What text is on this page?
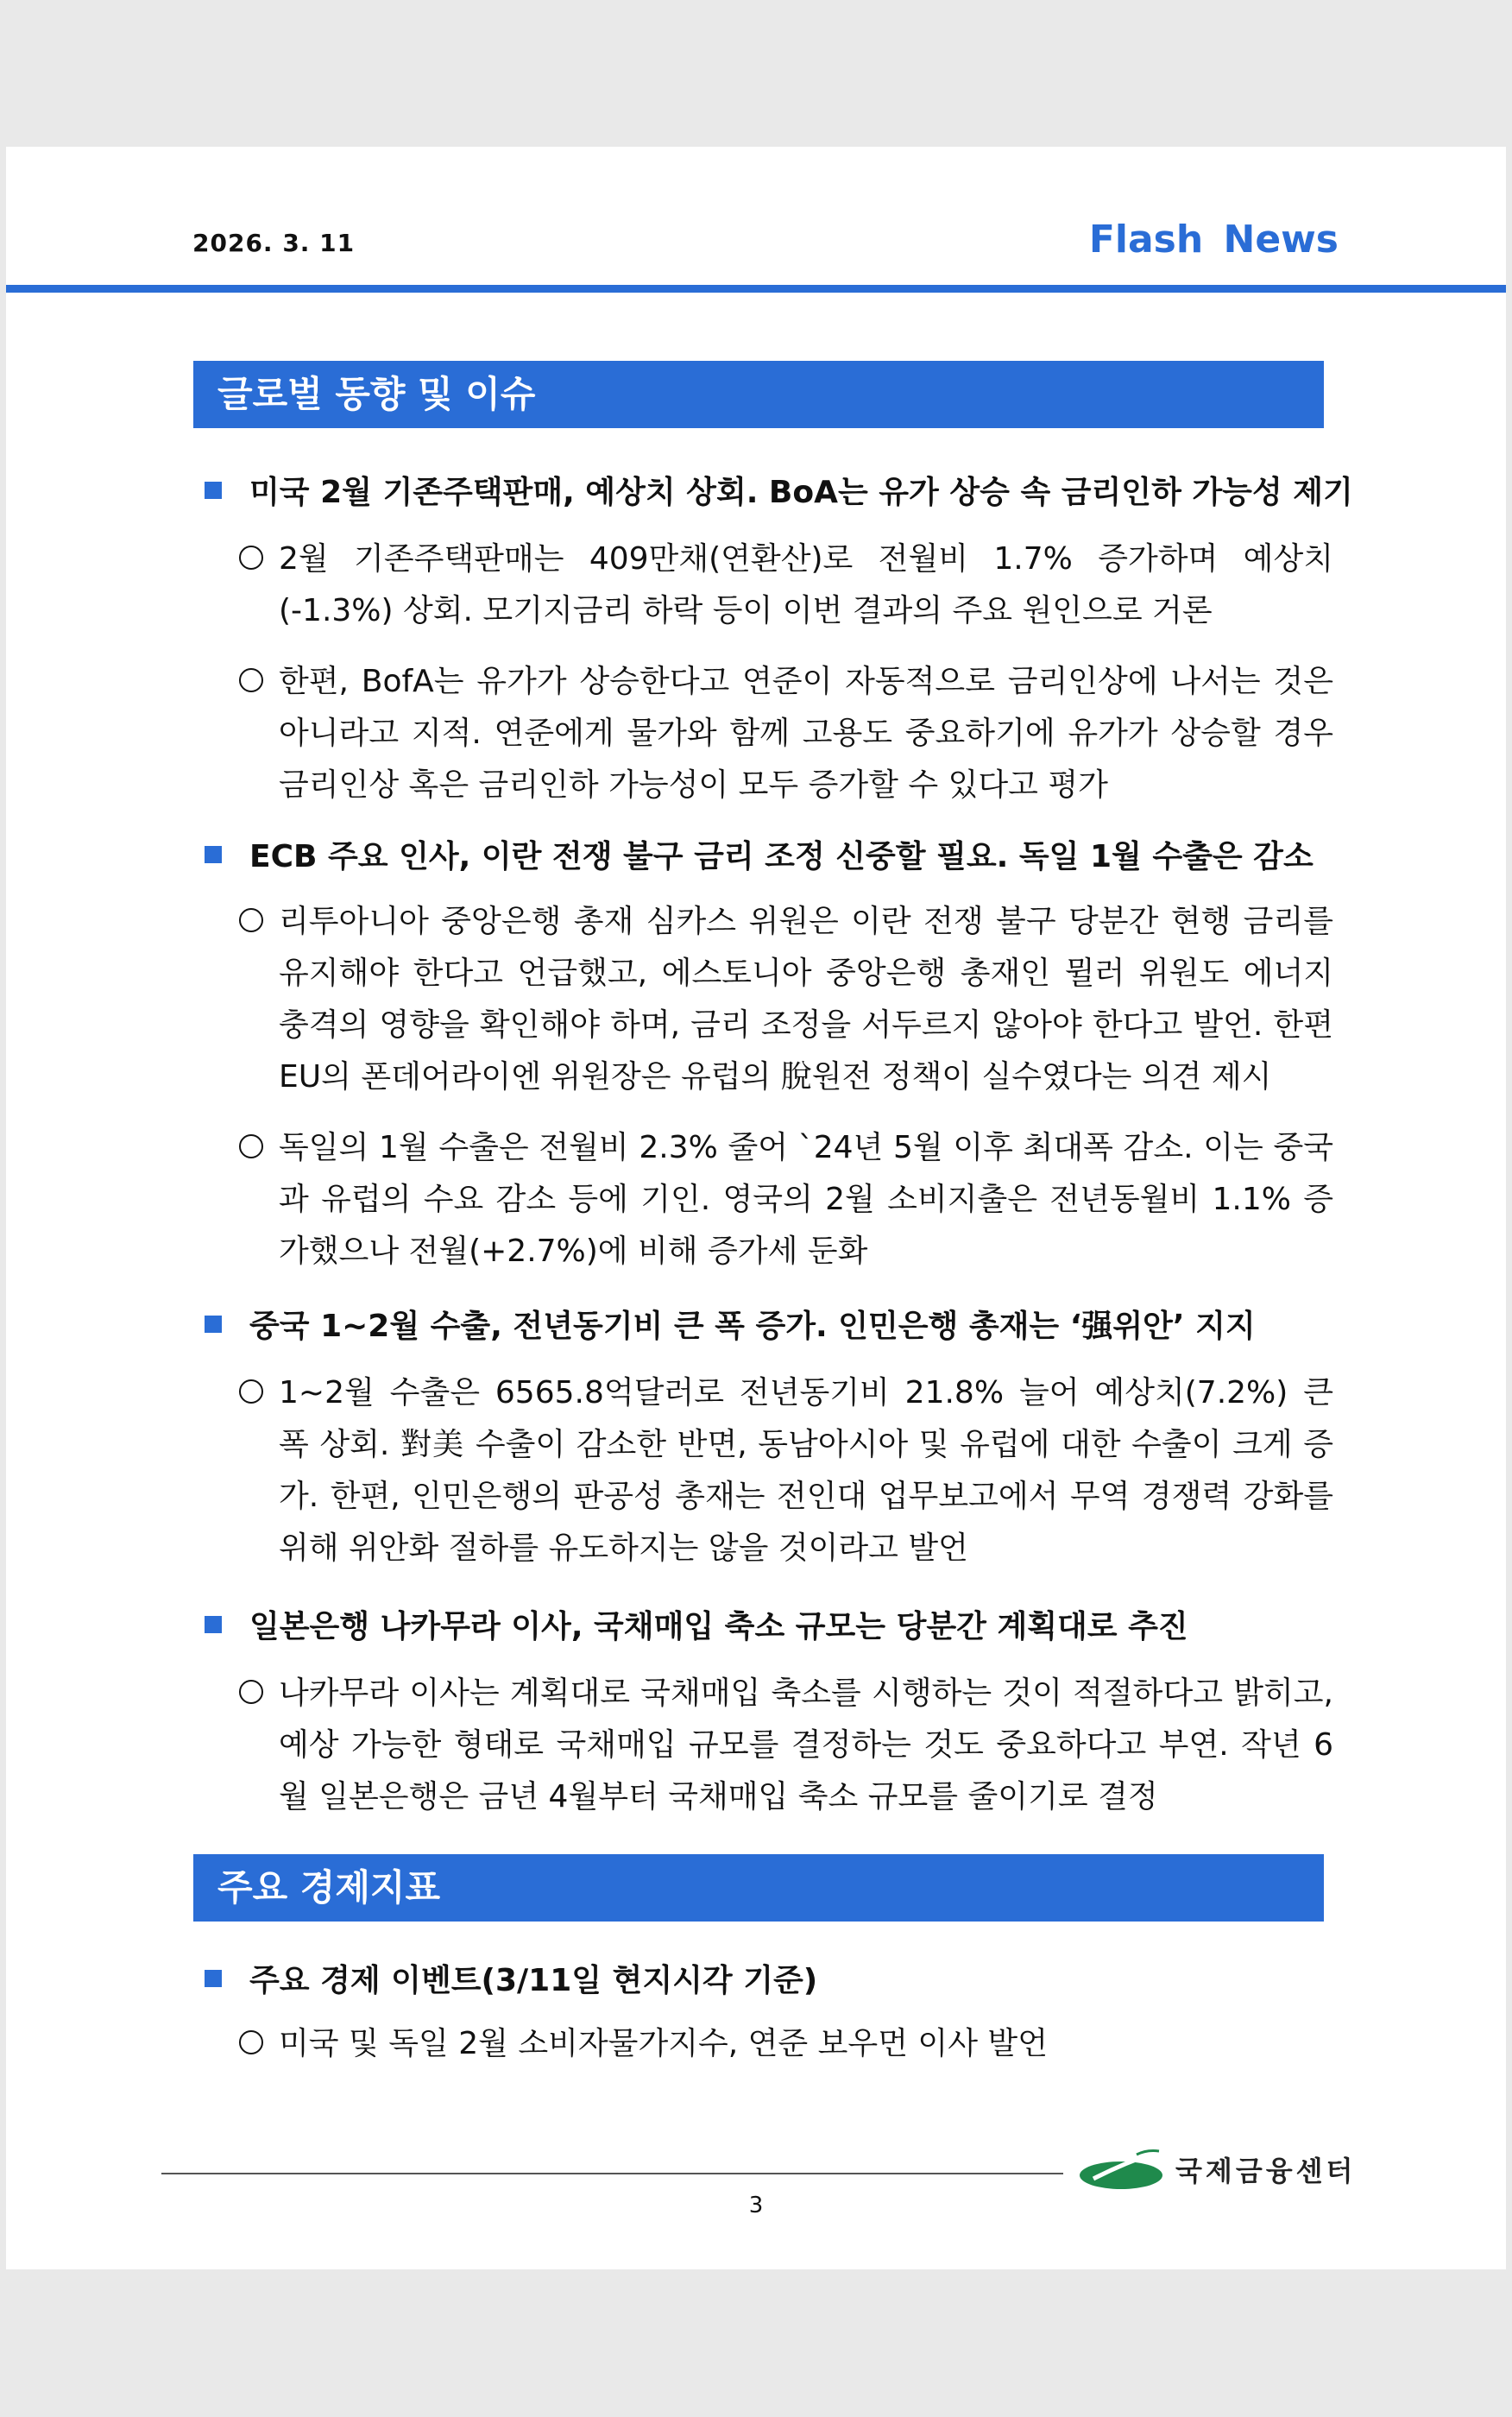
2026. 3. 11	Flash News
글로벌 동향 및 이슈
미국 2월 기존주택판매, 예상치 상회. BoA는 유가 상승 속 금리인하 가능성 제기
2월 기존주택판매는 409만채(연환산)로 전월비 1.7% 증가하며 예상치(-1.3%) 상회. 모기지금리 하락 등이 이번 결과의 주요 원인으로 거론
한편, BofA는 유가가 상승한다고 연준이 자동적으로 금리인상에 나서는 것은 아니라고 지적. 연준에게 물가와 함께 고용도 중요하기에 유가가 상승할 경우 금리인상 혹은 금리인하 가능성이 모두 증가할 수 있다고 평가
ECB 주요 인사, 이란 전쟁 불구 금리 조정 신중할 필요. 독일 1월 수출은 감소
리투아니아 중앙은행 총재 심카스 위원은 이란 전쟁 불구 당분간 현행 금리를 유지해야 한다고 언급했고, 에스토니아 중앙은행 총재인 뮐러 위원도 에너지 충격의 영향을 확인해야 하며, 금리 조정을 서두르지 않아야 한다고 발언. 한편 EU의 폰데어라이엔 위원장은 유럽의 脫원전 정책이 실수였다는 의견 제시
독일의 1월 수출은 전월비 2.3% 줄어 `24년 5월 이후 최대폭 감소. 이는 중국과 유럽의 수요 감소 등에 기인. 영국의 2월 소비지출은 전년동월비 1.1% 증가했으나 전월(+2.7%)에 비해 증가세 둔화
중국 1~2월 수출, 전년동기비 큰 폭 증가. 인민은행 총재는 ‘强위안’ 지지
1~2월 수출은 6565.8억달러로 전년동기비 21.8% 늘어 예상치(7.2%) 큰 폭 상회. 對美 수출이 감소한 반면, 동남아시아 및 유럽에 대한 수출이 크게 증가. 한편, 인민은행의 판공성 총재는 전인대 업무보고에서 무역 경쟁력 강화를 위해 위안화 절하를 유도하지는 않을 것이라고 발언
일본은행 나카무라 이사, 국채매입 축소 규모는 당분간 계획대로 추진
나카무라 이사는 계획대로 국채매입 축소를 시행하는 것이 적절하다고 밝히고, 예상 가능한 형태로 국채매입 규모를 결정하는 것도 중요하다고 부연. 작년 6월 일본은행은 금년 4월부터 국채매입 축소 규모를 줄이기로 결정
주요 경제지표
주요 경제 이벤트(3/11일 현지시각 기준)
미국 및 독일 2월 소비자물가지수, 연준 보우먼 이사 발언
국제금융센터
3
